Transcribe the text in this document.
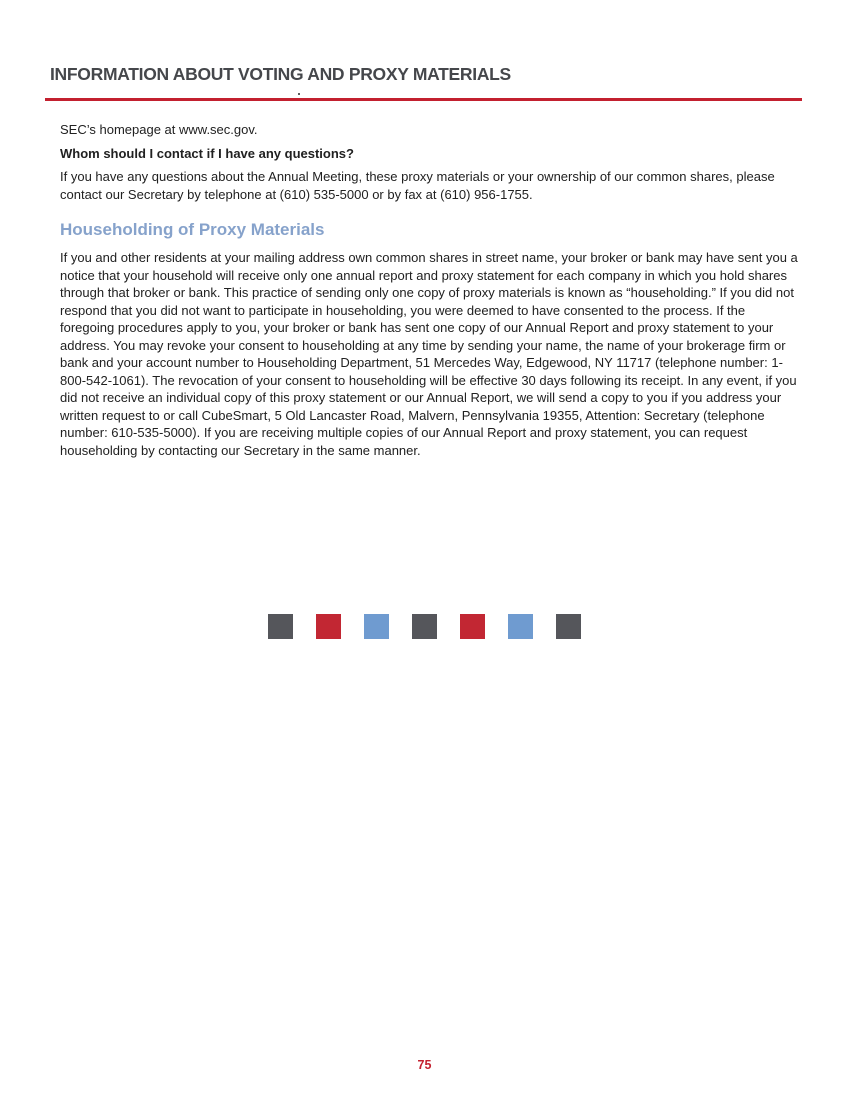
INFORMATION ABOUT VOTING AND PROXY MATERIALS

SEC’s homepage at www.sec.gov.

Whom should I contact if I have any questions?

If you have any questions about the Annual Meeting, these proxy materials or your ownership of our common shares, please contact our Secretary by telephone at (610) 535-5000 or by fax at (610) 956-1755.

Householding of Proxy Materials

If you and other residents at your mailing address own common shares in street name, your broker or bank may have sent you a notice that your household will receive only one annual report and proxy statement for each company in which you hold shares through that broker or bank. This practice of sending only one copy of proxy materials is known as “householding.” If you did not respond that you did not want to participate in householding, you were deemed to have consented to the process. If the foregoing procedures apply to you, your broker or bank has sent one copy of our Annual Report and proxy statement to your address. You may revoke your consent to householding at any time by sending your name, the name of your brokerage firm or bank and your account number to Householding Department, 51 Mercedes Way, Edgewood, NY 11717 (telephone number: 1-800-542-1061). The revocation of your consent to householding will be effective 30 days following its receipt. In any event, if you did not receive an individual copy of this proxy statement or our Annual Report, we will send a copy to you if you address your written request to or call CubeSmart, 5 Old Lancaster Road, Malvern, Pennsylvania 19355, Attention: Secretary (telephone number: 610-535-5000). If you are receiving multiple copies of our Annual Report and proxy statement, you can request householding by contacting our Secretary in the same manner.

75
